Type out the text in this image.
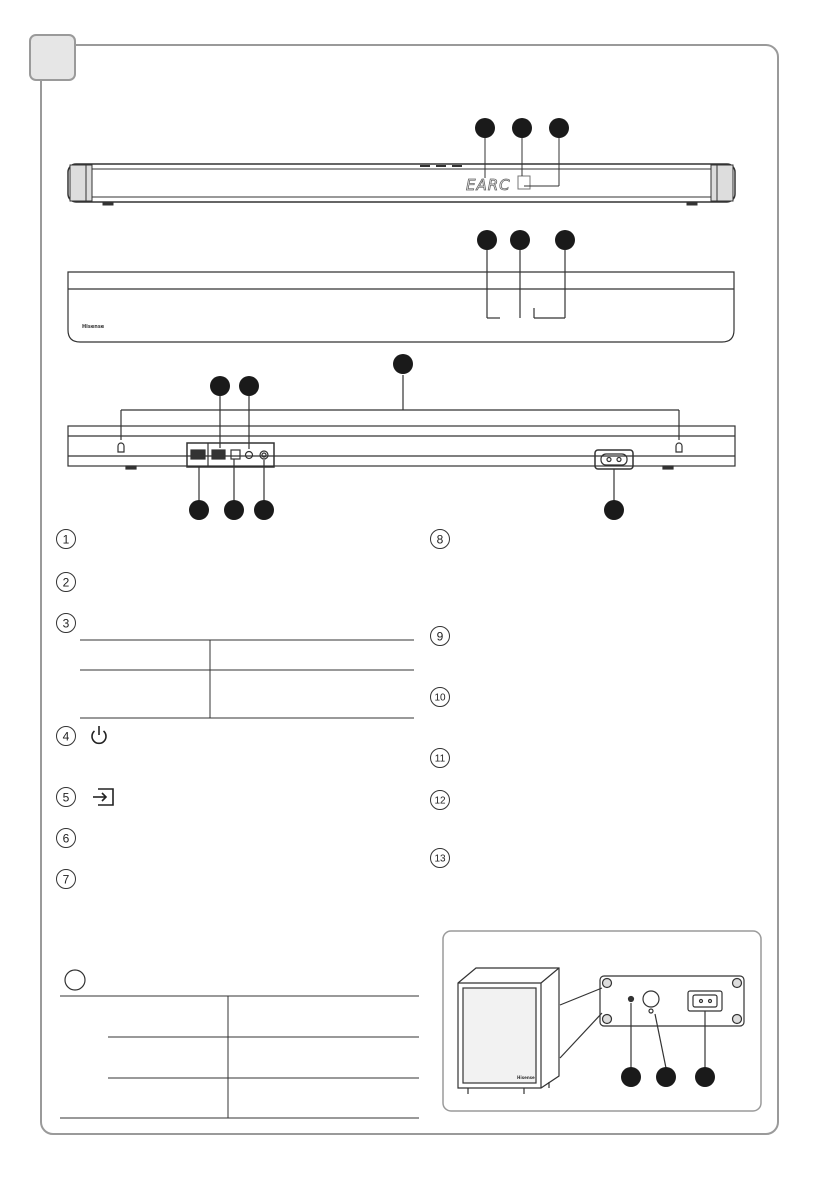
EARC
Hisense
1
2
3
4
5
6
7
8
9
10
11
12
13
Hisense
